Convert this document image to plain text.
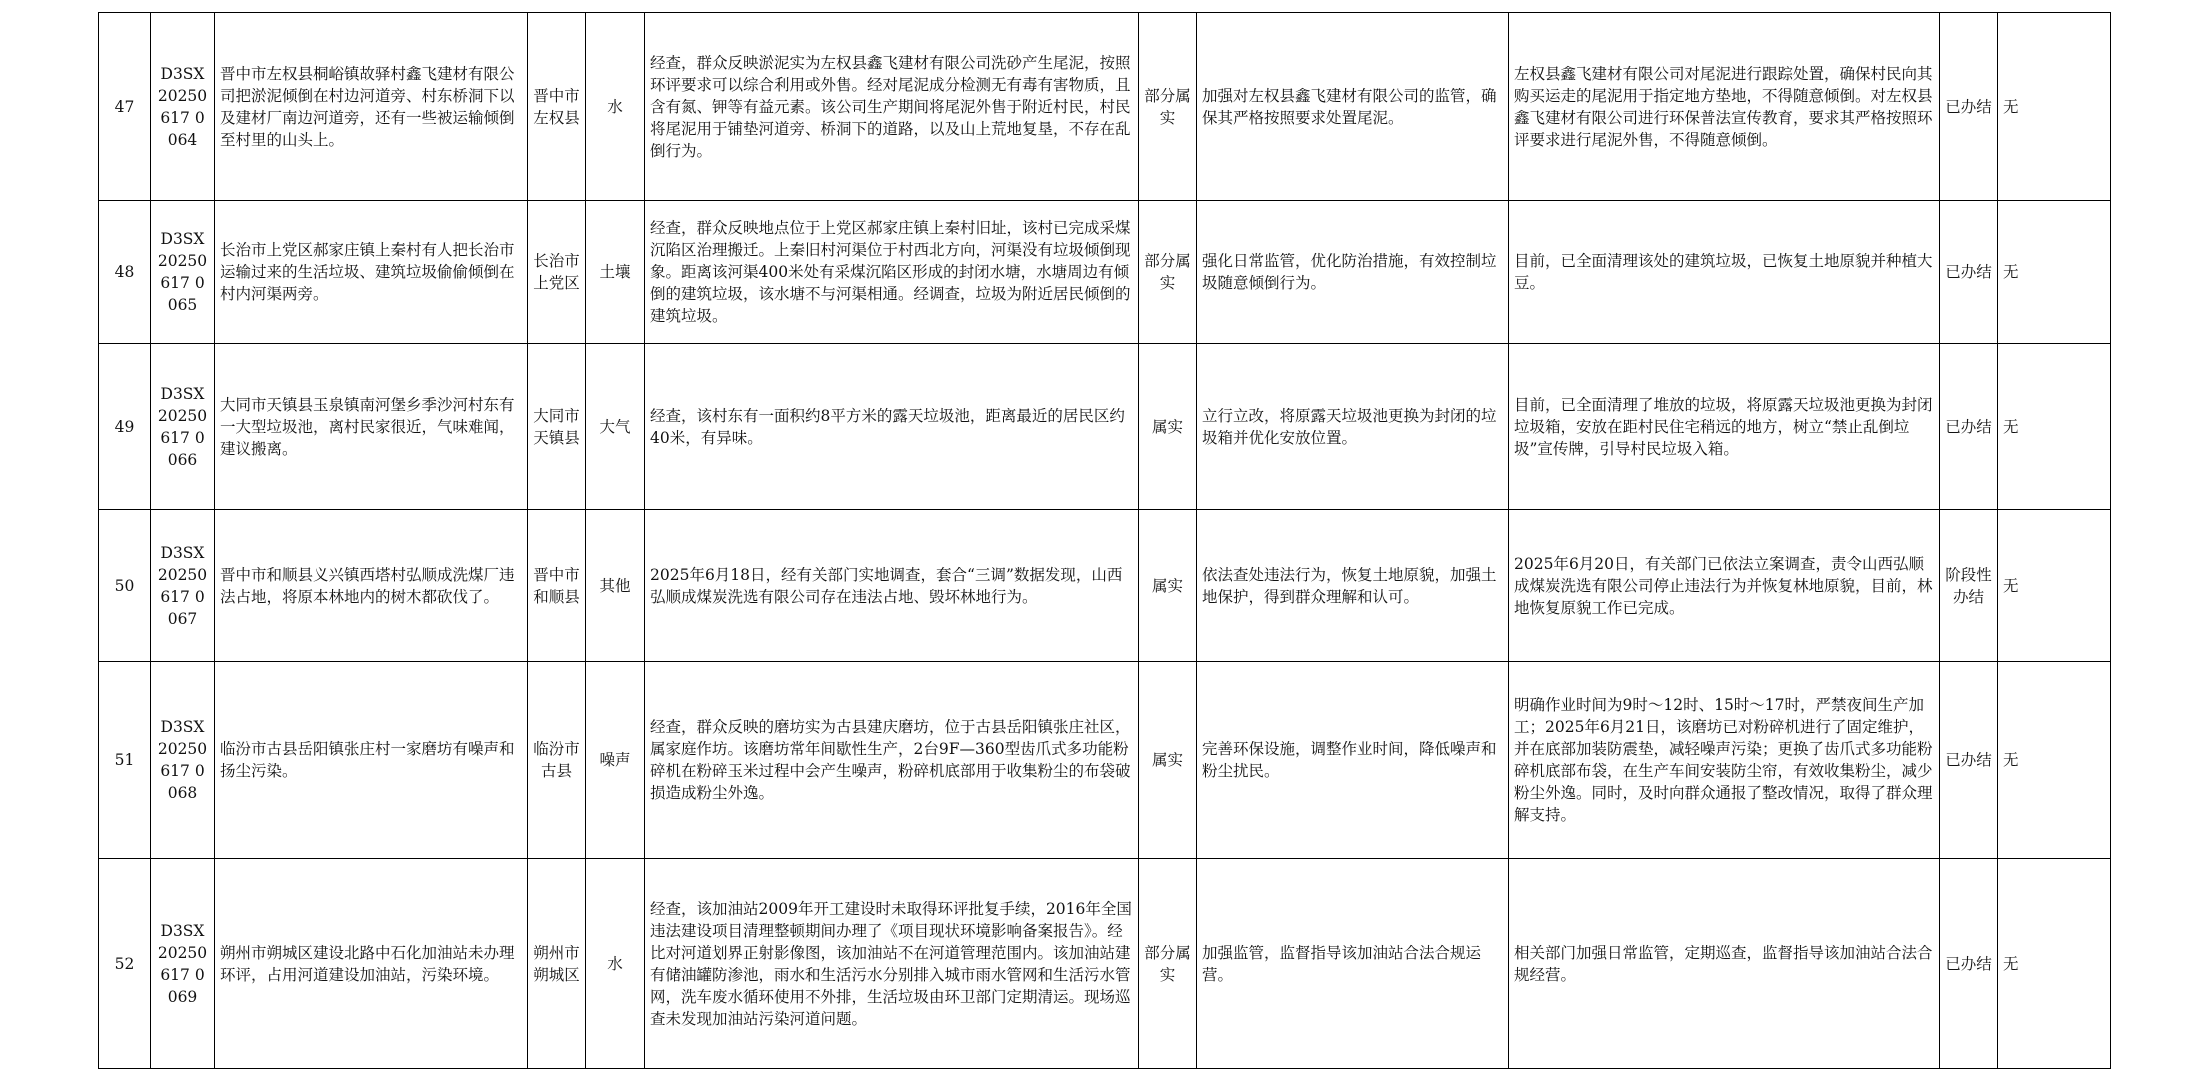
47	D3SX20250617 0064	晋中市左权县桐峪镇故驿村鑫飞建材有限公司把淤泥倾倒在村边河道旁、村东桥洞下以及建材厂南边河道旁，还有一些被运输倾倒至村里的山头上。	晋中市左权县	水	经查，群众反映淤泥实为左权县鑫飞建材有限公司洗砂产生尾泥，按照环评要求可以综合利用或外售。经对尾泥成分检测无有毒有害物质，且含有氮、钾等有益元素。该公司生产期间将尾泥外售于附近村民，村民将尾泥用于铺垫河道旁、桥洞下的道路，以及山上荒地复垦，不存在乱倒行为。	部分属实	加强对左权县鑫飞建材有限公司的监管，确保其严格按照要求处置尾泥。	左权县鑫飞建材有限公司对尾泥进行跟踪处置，确保村民向其购买运走的尾泥用于指定地方垫地，不得随意倾倒。对左权县鑫飞建材有限公司进行环保普法宣传教育，要求其严格按照环评要求进行尾泥外售，不得随意倾倒。	已办结	无
48	D3SX20250617 0065	长治市上党区郝家庄镇上秦村有人把长治市运输过来的生活垃圾、建筑垃圾偷偷倾倒在村内河渠两旁。	长治市上党区	土壤	经查，群众反映地点位于上党区郝家庄镇上秦村旧址，该村已完成采煤沉陷区治理搬迁。上秦旧村河渠位于村西北方向，河渠没有垃圾倾倒现象。距离该河渠400米处有采煤沉陷区形成的封闭水塘，水塘周边有倾倒的建筑垃圾，该水塘不与河渠相通。经调查，垃圾为附近居民倾倒的建筑垃圾。	部分属实	强化日常监管，优化防治措施，有效控制垃圾随意倾倒行为。	目前，已全面清理该处的建筑垃圾，已恢复土地原貌并种植大豆。	已办结	无
49	D3SX20250617 0066	大同市天镇县玉泉镇南河堡乡季沙河村东有一大型垃圾池，离村民家很近，气味难闻，建议搬离。	大同市天镇县	大气	经查，该村东有一面积约8平方米的露天垃圾池，距离最近的居民区约40米，有异味。	属实	立行立改，将原露天垃圾池更换为封闭的垃圾箱并优化安放位置。	目前，已全面清理了堆放的垃圾，将原露天垃圾池更换为封闭垃圾箱，安放在距村民住宅稍远的地方，树立“禁止乱倒垃圾”宣传牌，引导村民垃圾入箱。	已办结	无
50	D3SX20250617 0067	晋中市和顺县义兴镇西塔村弘顺成洗煤厂违法占地，将原本林地内的树木都砍伐了。	晋中市和顺县	其他	2025年6月18日，经有关部门实地调查，套合“三调”数据发现，山西弘顺成煤炭洗选有限公司存在违法占地、毁坏林地行为。	属实	依法查处违法行为，恢复土地原貌，加强土地保护，得到群众理解和认可。	2025年6月20日，有关部门已依法立案调查，责令山西弘顺成煤炭洗选有限公司停止违法行为并恢复林地原貌，目前，林地恢复原貌工作已完成。	阶段性办结	无
51	D3SX20250617 0068	临汾市古县岳阳镇张庄村一家磨坊有噪声和扬尘污染。	临汾市古县	噪声	经查，群众反映的磨坊实为古县建庆磨坊，位于古县岳阳镇张庄社区，属家庭作坊。该磨坊常年间歇性生产，2台9F—360型齿爪式多功能粉碎机在粉碎玉米过程中会产生噪声，粉碎机底部用于收集粉尘的布袋破损造成粉尘外逸。	属实	完善环保设施，调整作业时间，降低噪声和粉尘扰民。	明确作业时间为9时～12时、15时～17时，严禁夜间生产加工；2025年6月21日，该磨坊已对粉碎机进行了固定维护，并在底部加装防震垫，减轻噪声污染；更换了齿爪式多功能粉碎机底部布袋，在生产车间安装防尘帘，有效收集粉尘，减少粉尘外逸。同时，及时向群众通报了整改情况，取得了群众理解支持。	已办结	无
52	D3SX20250617 0069	朔州市朔城区建设北路中石化加油站未办理环评，占用河道建设加油站，污染环境。	朔州市朔城区	水	经查，该加油站2009年开工建设时未取得环评批复手续，2016年全国违法建设项目清理整顿期间办理了《项目现状环境影响备案报告》。经比对河道划界正射影像图，该加油站不在河道管理范围内。该加油站建有储油罐防渗池，雨水和生活污水分别排入城市雨水管网和生活污水管网，洗车废水循环使用不外排，生活垃圾由环卫部门定期清运。现场巡查未发现加油站污染河道问题。	部分属实	加强监管，监督指导该加油站合法合规运营。	相关部门加强日常监管，定期巡查，监督指导该加油站合法合规经营。	已办结	无
